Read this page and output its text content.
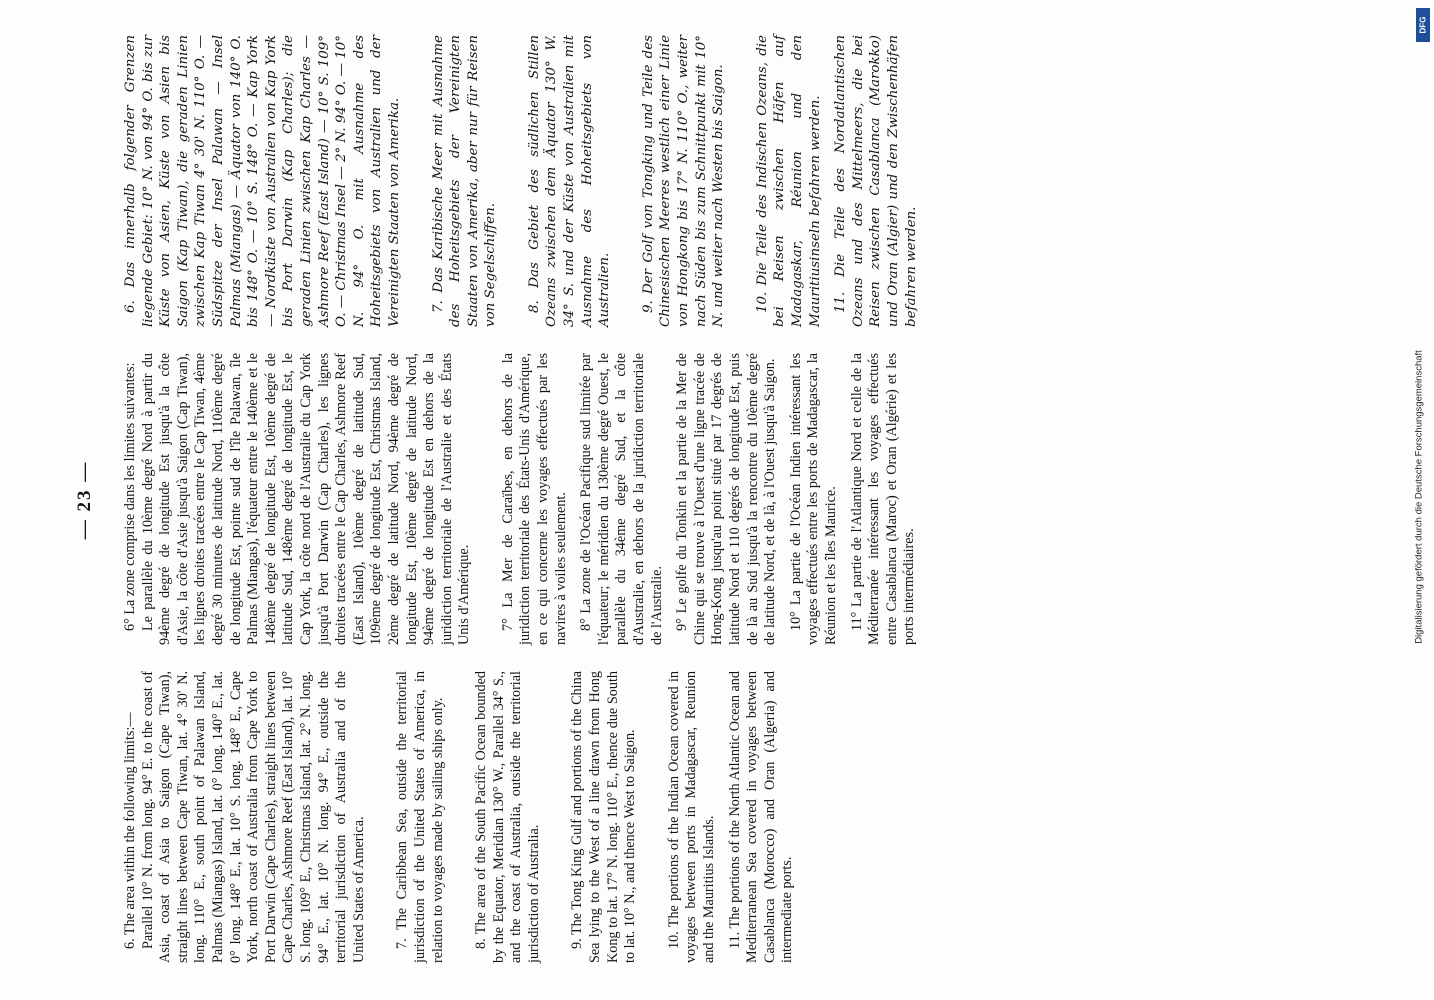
— 23 —

6. The area within the following limits:— Parallel 10° N. from long. 94° E. to the coast of Asia, coast of Asia to Saigon (Cape Tiwan), straight lines between Cape Tiwan, lat. 4° 30' N. long. 110° E., south point of Palawan Island, Palmas (Miangas) Island, lat. 0° long. 140° E., lat. 0° long. 148° E., lat. 10° S. long. 148° E., Cape York, north coast of Australia from Cape York to Port Darwin (Cape Charles), straight lines between Cape Charles, Ashmore Reef (East Island), lat. 10° S. long. 109° E., Christmas Island, lat. 2° N. long. 94° E., lat. 10° N. long. 94° E., outside the territorial jurisdiction of Australia and of the United States of America. 7. The Caribbean Sea, outside the territorial jurisdiction of the United States of America, in relation to voyages made by sailing ships only. 8. The area of the South Pacific Ocean bounded by the Equator, Meridian 130° W., Parallel 34° S., and the coast of Australia, outside the territorial jurisdiction of Australia. 9. The Tong King Gulf and portions of the China Sea lying to the West of a line drawn from Hong Kong to lat. 17° N. long. 110° E., thence due South to lat. 10° N., and thence West to Saigon. 10. The portions of the Indian Ocean covered in voyages between ports in Madagascar, Reunion and the Mauritius Islands. 11. The portions of the North Atlantic Ocean and Mediterranean Sea covered in voyages between Casablanca (Morocco) and Oran (Algeria) and intermediate ports.

6° La zone comprise dans les limites suivantes: Le parallèle du 10ème degré Nord à partir du 94ème degré de longitude Est jusqu'à la côte d'Asie, la côte d'Asie jusqu'à Saigon (Cap Tiwan), les lignes droites tracées entre le Cap Tiwan, 4ème degré 30 minutes de latitude Nord, 110ème degré de longitude Est, pointe sud de l'île Palawan, île Palmas (Miangas), l'équateur entre le 140ème et le 148ème degré de longitude Est, 10ème degré de latitude Sud, 148ème degré de longitude Est, le Cap York, la côte nord de l'Australie du Cap York jusqu'à Port Darwin (Cap Charles), les lignes droites tracées entre le Cap Charles, Ashmore Reef (East Island), 10ème degré de latitude Sud, 109ème degré de longitude Est, Christmas Island, 2ème degré de latitude Nord, 94ème degré de longitude Est, 10ème degré de latitude Nord, 94ème degré de longitude Est en dehors de la juridiction territoriale de l'Australie et des États Unis d'Amérique. 7° La Mer de Caraïbes, en dehors de la juridiction territoriale des États-Unis d'Amérique, en ce qui concerne les voyages effectués par les navires à voiles seulement. 8° La zone de l'Océan Pacifique sud limitée par l'équateur; le méridien du 130ème degré Ouest, le parallèle du 34ème degré Sud, et la côte d'Australie, en dehors de la juridiction territoriale de l'Australie. 9° Le golfe du Tonkin et la partie de la Mer de Chine qui se trouve à l'Ouest d'une ligne tracée de Hong-Kong jusqu'au point situé par 17 degrés de latitude Nord et 110 degrés de longitude Est, puis de là au Sud jusqu'à la rencontre du 10ème degré de latitude Nord, et de là, à l'Ouest jusqu'à Saigon. 10° La partie de l'Océan Indien intéressant les voyages effectués entre les ports de Madagascar, la Réunion et les îles Maurice. 11° La partie de l'Atlantique Nord et celle de la Méditerranée intéressant les voyages effectués entre Casablanca (Maroc) et Oran (Algérie) et les ports intermédiaires.

6. Das innerhalb folgender Grenzen liegende Gebiet: 10° N. von 94° O. bis zur Küste von Asien, Küste von Asien bis Saigon (Kap Tiwan), die geraden Linien zwischen Kap Tiwan 4° 30' N. 110° O. — Südspitze der Insel Palawan — Insel Palmas (Miangas) — Äquator von 140° O. bis 148° O. — 10° S. 148° O. — Kap York — Nordküste von Australien von Kap York bis Port Darwin (Kap Charles); die geraden Linien zwischen Kap Charles — Ashmore Reef (East Island) — 10° S. 109° O. — Christmas Insel — 2° N. 94° O. — 10° N. 94° O. mit Ausnahme des Hoheitsgebiets von Australien und der Vereinigten Staaten von Amerika. 7. Das Karibische Meer mit Ausnahme des Hoheitsgebiets der Vereinigten Staaten von Amerika, aber nur für Reisen von Segelschiffen. 8. Das Gebiet des südlichen Stillen Ozeans zwischen dem Äquator 130° W. 34° S. und der Küste von Australien mit Ausnahme des Hoheitsgebiets von Australien. 9. Der Golf von Tongking und Teile des Chinesischen Meeres westlich einer Linie von Hongkong bis 17° N. 110° O., weiter nach Süden bis zum Schnittpunkt mit 10° N. und weiter nach Westen bis Saigon. 10. Die Teile des Indischen Ozeans, die bei Reisen zwischen Häfen auf Madagaskar, Réunion und den Mauritiusinseln befahren werden. 11. Die Teile des Nordatlantischen Ozeans und des Mittelmeers, die bei Reisen zwischen Casablanca (Marokko) und Oran (Algier) und den Zwischenhäfen befahren werden.

DFG
Digitalisierung gefördert durch die Deutsche Forschungsgemeinschaft
